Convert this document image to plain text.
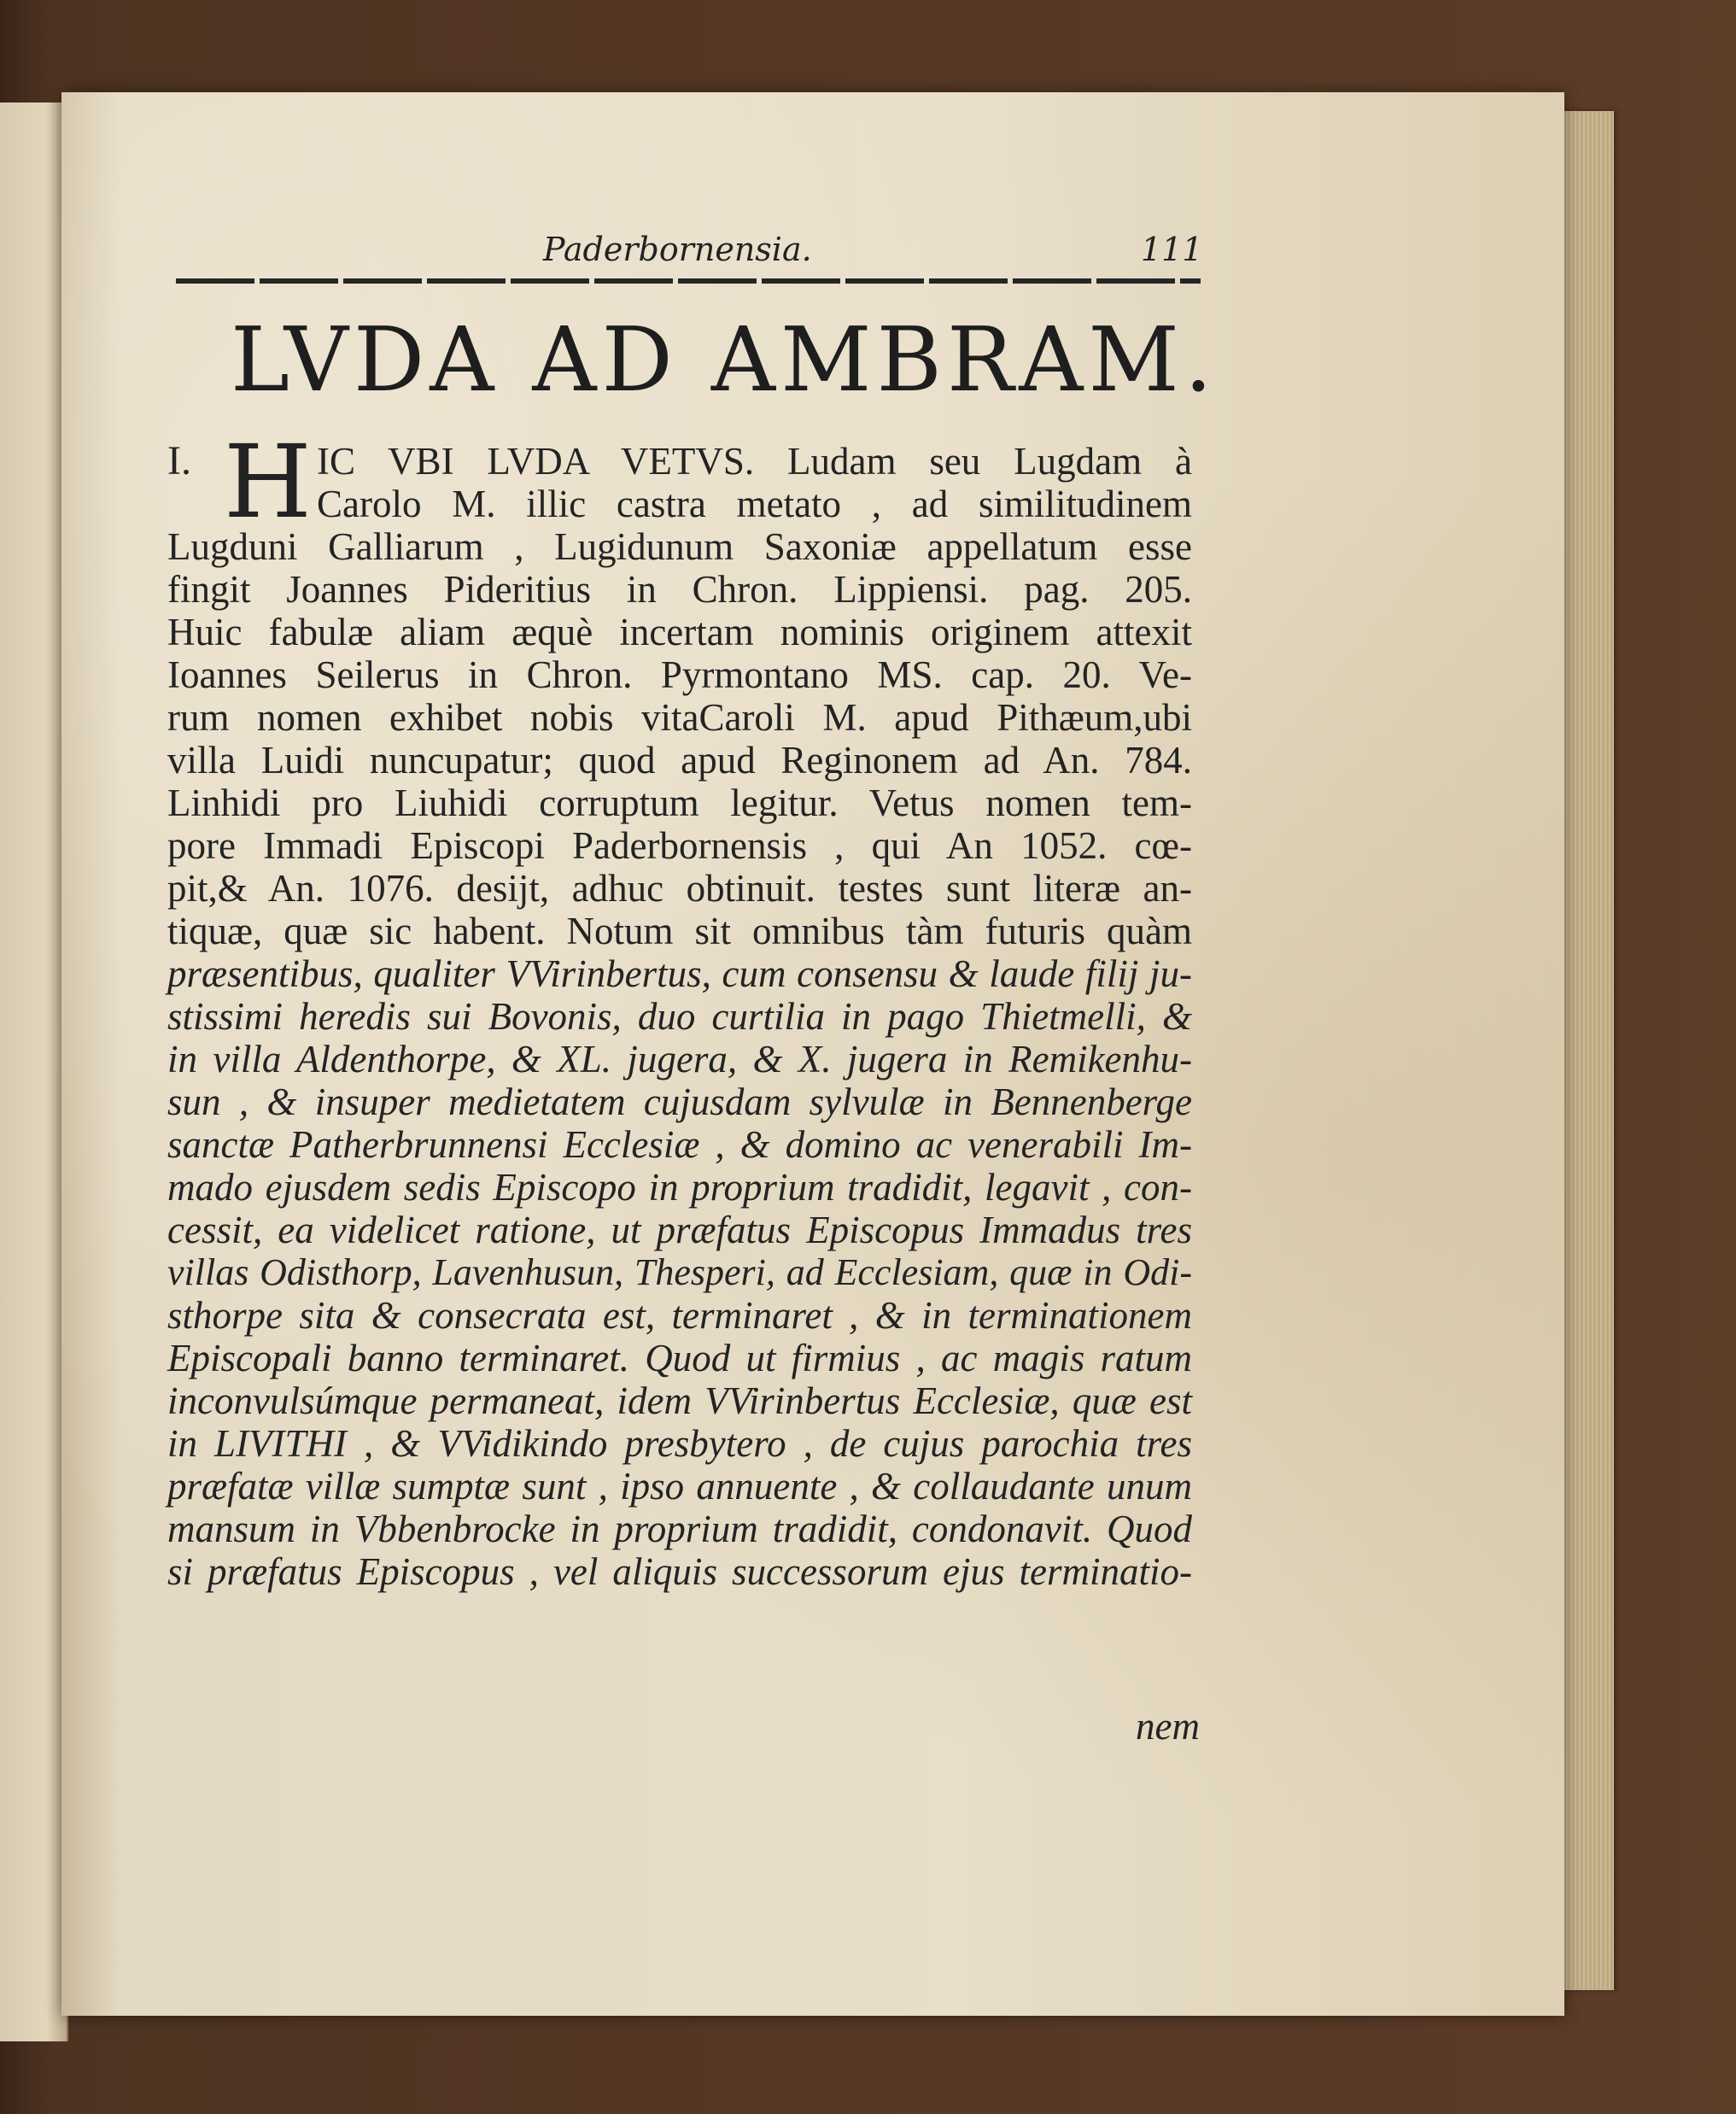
Paderbornensia.	111
LVDA AD AMBRAM.
I. H IC VBI LVDA VETVS. Ludam seu Lugdam à
Carolo M. illic castra metato , ad similitudinem
Lugduni Galliarum , Lugidunum Saxoniæ appellatum esse
fingit Joannes Pideritius in Chron. Lippiensi. pag. 205.
Huic fabulæ aliam æquè incertam nominis originem attexit
Ioannes Seilerus in Chron. Pyrmontano MS. cap. 20. Ve-
rum nomen exhibet nobis vitaCaroli M. apud Pithæum,ubi
villa Luidi nuncupatur; quod apud Reginonem ad An. 784.
Linhidi pro Liuhidi corruptum legitur. Vetus nomen tem-
pore Immadi Episcopi Paderbornensis , qui An 1052. cœ-
pit,& An. 1076. desijt, adhuc obtinuit. testes sunt literæ an-
tiquæ, quæ sic habent. Notum sit omnibus tàm futuris quàm
præsentibus, qualiter VVirinbertus, cum consensu & laude filij ju-
stissimi heredis sui Bovonis, duo curtilia in pago Thietmelli, &
in villa Aldenthorpe, & XL. jugera, & X. jugera in Remikenhu-
sun , & insuper medietatem cujusdam sylvulæ in Bennenberge
sanctæ Patherbrunnensi Ecclesiæ , & domino ac venerabili Im-
mado ejusdem sedis Episcopo in proprium tradidit, legavit , con-
cessit, ea videlicet ratione, ut præfatus Episcopus Immadus tres
villas Odisthorp, Lavenhusun, Thesperi, ad Ecclesiam, quæ in Odi-
sthorpe sita & consecrata est, terminaret , & in terminationem
Episcopali banno terminaret. Quod ut firmius , ac magis ratum
inconvulsúmque permaneat, idem VVirinbertus Ecclesiæ, quæ est
in LIVITHI , & VVidikindo presbytero , de cujus parochia tres
præfatæ villæ sumptæ sunt , ipso annuente , & collaudante unum
mansum in Vbbenbrocke in proprium tradidit, condonavit. Quod
si præfatus Episcopus , vel aliquis successorum ejus terminatio-
nem
